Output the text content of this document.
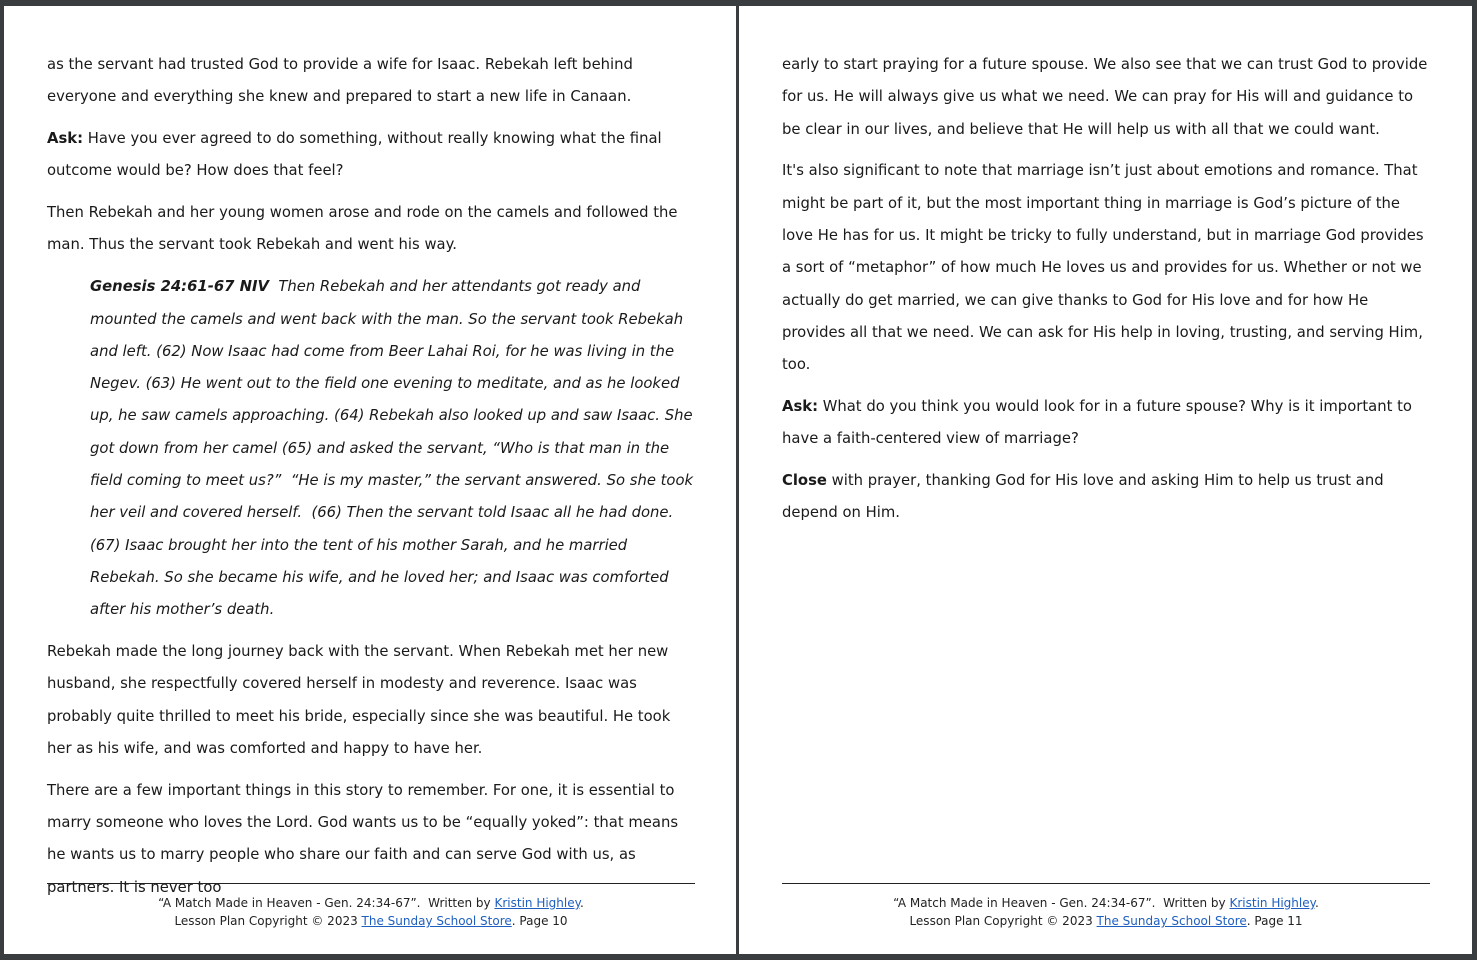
as the servant had trusted God to provide a wife for Isaac. Rebekah left behind everyone and everything she knew and prepared to start a new life in Canaan.

Ask: Have you ever agreed to do something, without really knowing what the final outcome would be? How does that feel?

Then Rebekah and her young women arose and rode on the camels and followed the man. Thus the servant took Rebekah and went his way.

Genesis 24:61-67 NIV  Then Rebekah and her attendants got ready and mounted the camels and went back with the man. So the servant took Rebekah and left. (62) Now Isaac had come from Beer Lahai Roi, for he was living in the Negev. (63) He went out to the field one evening to meditate, and as he looked up, he saw camels approaching. (64) Rebekah also looked up and saw Isaac. She got down from her camel (65) and asked the servant, “Who is that man in the field coming to meet us?”  “He is my master,” the servant answered. So she took her veil and covered herself.  (66) Then the servant told Isaac all he had done. (67) Isaac brought her into the tent of his mother Sarah, and he married Rebekah. So she became his wife, and he loved her; and Isaac was comforted after his mother’s death.

Rebekah made the long journey back with the servant. When Rebekah met her new husband, she respectfully covered herself in modesty and reverence. Isaac was probably quite thrilled to meet his bride, especially since she was beautiful. He took her as his wife, and was comforted and happy to have her.

There are a few important things in this story to remember. For one, it is essential to marry someone who loves the Lord. God wants us to be “equally yoked”: that means he wants us to marry people who share our faith and can serve God with us, as partners. It is never too

“A Match Made in Heaven - Gen. 24:34-67”.  Written by Kristin Highley.
Lesson Plan Copyright © 2023 The Sunday School Store. Page 10

early to start praying for a future spouse. We also see that we can trust God to provide for us. He will always give us what we need. We can pray for His will and guidance to be clear in our lives, and believe that He will help us with all that we could want.

It's also significant to note that marriage isn’t just about emotions and romance. That might be part of it, but the most important thing in marriage is God’s picture of the love He has for us. It might be tricky to fully understand, but in marriage God provides a sort of “metaphor” of how much He loves us and provides for us. Whether or not we actually do get married, we can give thanks to God for His love and for how He provides all that we need. We can ask for His help in loving, trusting, and serving Him, too.

Ask: What do you think you would look for in a future spouse? Why is it important to have a faith-centered view of marriage?

Close with prayer, thanking God for His love and asking Him to help us trust and depend on Him.

“A Match Made in Heaven - Gen. 24:34-67”.  Written by Kristin Highley.
Lesson Plan Copyright © 2023 The Sunday School Store. Page 11
